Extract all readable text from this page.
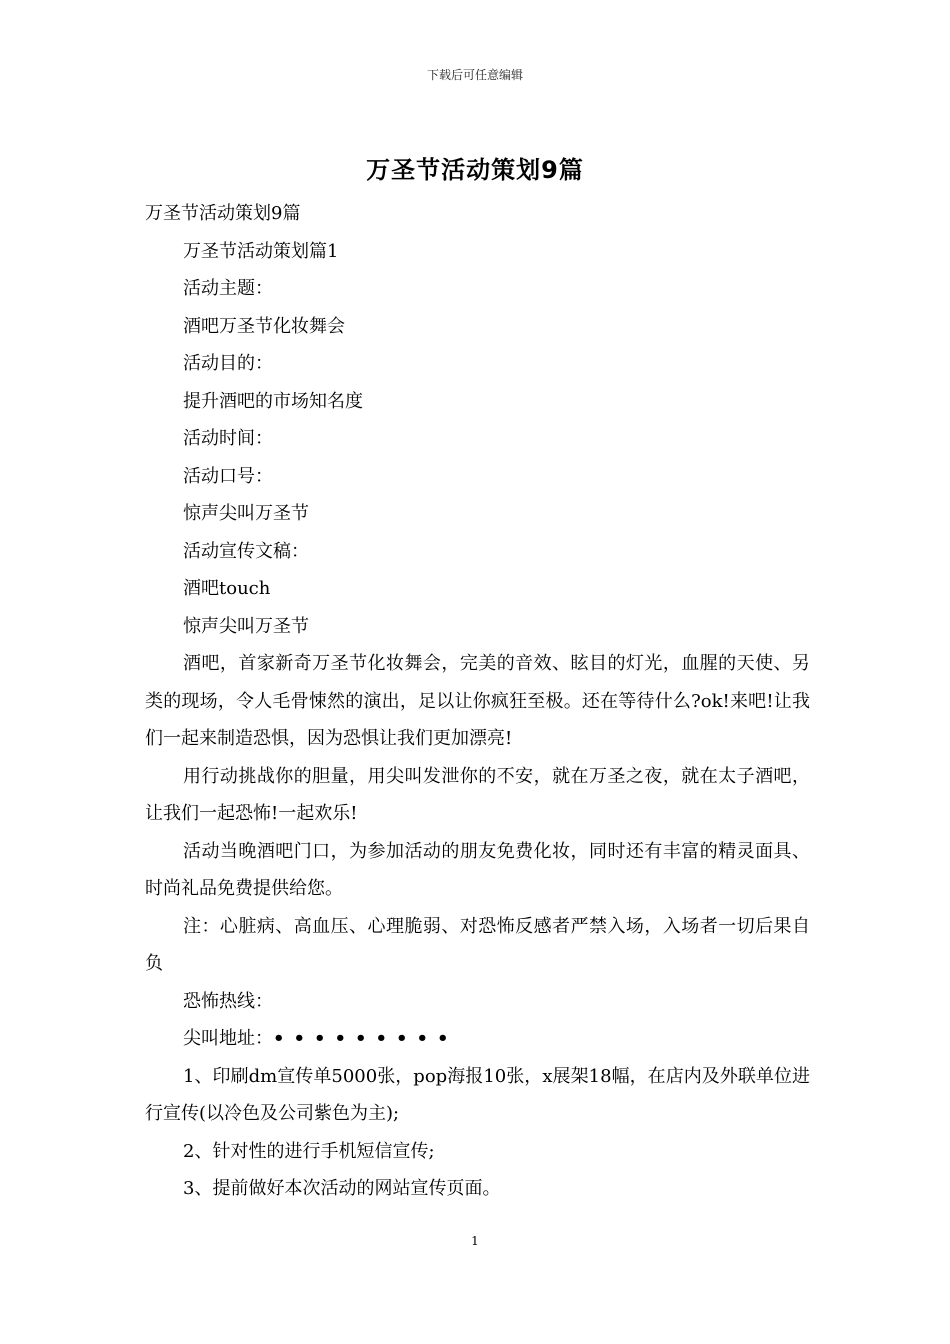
下载后可任意编辑
万圣节活动策划9篇
万圣节活动策划9篇
万圣节活动策划篇1
活动主题：
酒吧万圣节化妆舞会
活动目的：
提升酒吧的市场知名度
活动时间：
活动口号：
惊声尖叫万圣节
活动宣传文稿：
酒吧touch
惊声尖叫万圣节

酒吧，首家新奇万圣节化妆舞会，完美的音效、眩目的灯光，血腥的天使、另类的现场，令人毛骨悚然的演出，足以让你疯狂至极。还在等待什么?ok!来吧!让我们一起来制造恐惧，因为恐惧让我们更加漂亮!

用行动挑战你的胆量，用尖叫发泄你的不安，就在万圣之夜，就在太子酒吧，让我们一起恐怖!一起欢乐!

活动当晚酒吧门口，为参加活动的朋友免费化妆，同时还有丰富的精灵面具、时尚礼品免费提供给您。

注：心脏病、高血压、心理脆弱、对恐怖反感者严禁入场，入场者一切后果自负

恐怖热线：
尖叫地址：•••••••••

1、印刷dm宣传单5000张，pop海报10张，x展架18幅，在店内及外联单位进行宣传(以冷色及公司紫色为主);

2、针对性的进行手机短信宣传;
3、提前做好本次活动的网站宣传页面。
1
